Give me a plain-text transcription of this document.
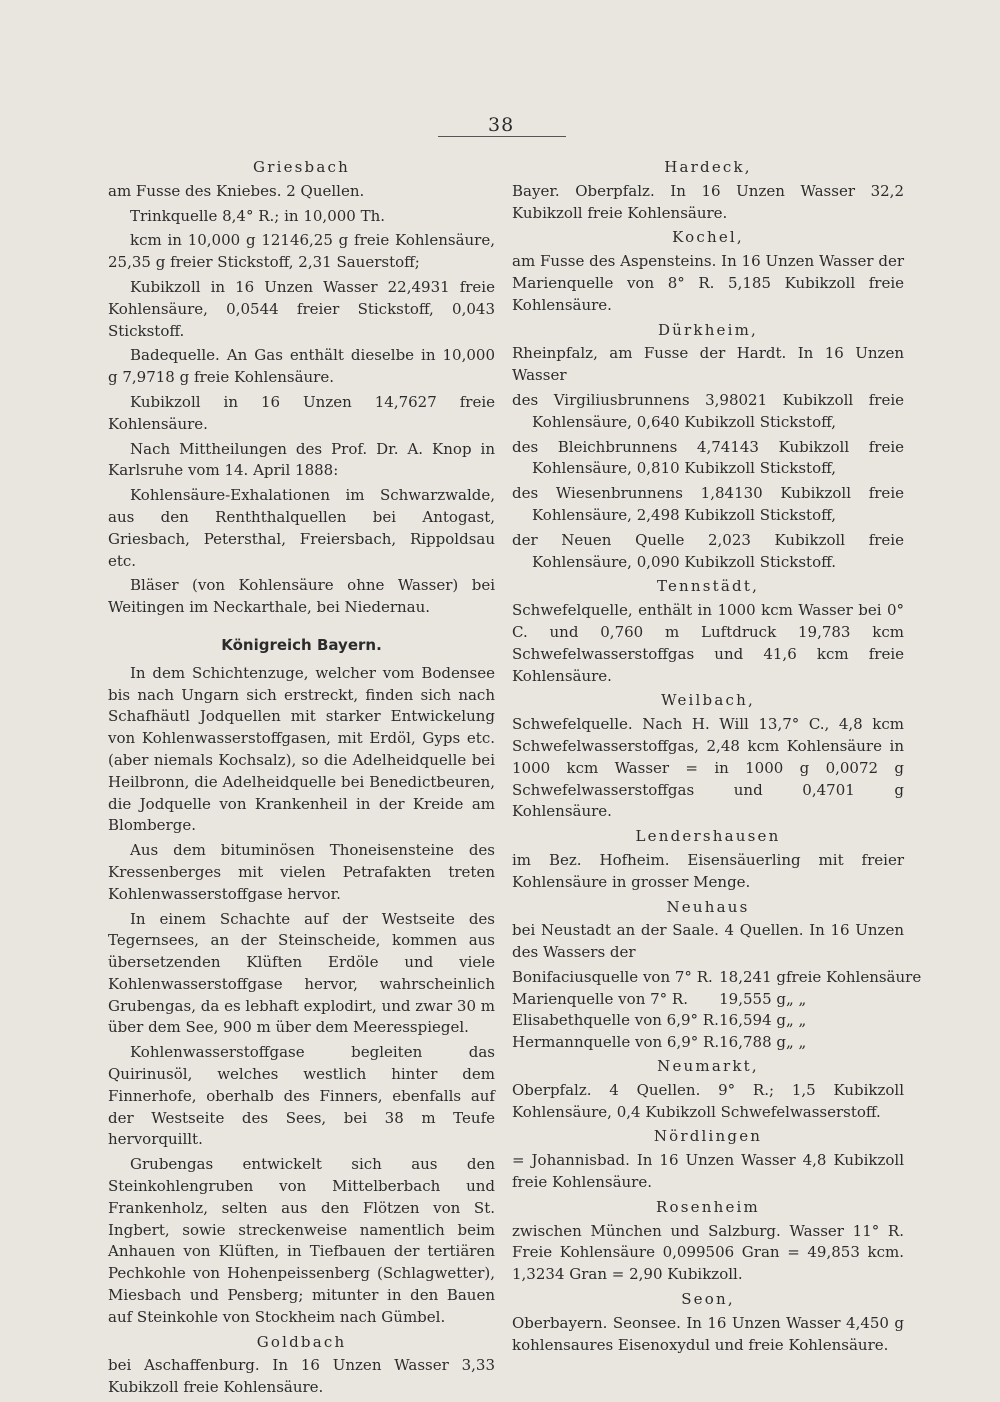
38
Griesbach

am Fusse des Kniebes. 2 Quellen.

Trinkquelle 8,4° R.; in 10,000 Th.

kcm in 10,000 g 12146,25 g freie Kohlensäure, 25,35 g freier Stickstoff, 2,31 Sauerstoff;

Kubikzoll in 16 Unzen Wasser 22,4931 freie Kohlensäure, 0,0544 freier Stickstoff, 0,043 Stickstoff.

Badequelle. An Gas enthält dieselbe in 10,000 g 7,9718 g freie Kohlensäure.

Kubikzoll in 16 Unzen 14,7627 freie Kohlensäure.

Nach Mittheilungen des Prof. Dr. A. Knop in Karlsruhe vom 14. April 1888:

Kohlensäure-Exhalationen im Schwarzwalde, aus den Renththalquellen bei Antogast, Griesbach, Petersthal, Freiersbach, Rippoldsau etc.

Bläser (von Kohlensäure ohne Wasser) bei Weitingen im Neckarthale, bei Niedernau.

Königreich Bayern.

In dem Schichtenzuge, welcher vom Bodensee bis nach Ungarn sich erstreckt, finden sich nach Schafhäutl Jodquellen mit starker Entwickelung von Kohlenwasserstoffgasen, mit Erdöl, Gyps etc. (aber niemals Kochsalz), so die Adelheidquelle bei Heilbronn, die Adelheidquelle bei Benedictbeuren, die Jodquelle von Krankenheil in der Kreide am Blomberge.

Aus dem bituminösen Thoneisensteine des Kressenberges mit vielen Petrafakten treten Kohlenwasserstoffgase hervor.

In einem Schachte auf der Westseite des Tegernsees, an der Steinscheide, kommen aus übersetzenden Klüften Erdöle und viele Kohlenwasserstoffgase hervor, wahrscheinlich Grubengas, da es lebhaft explodirt, und zwar 30 m über dem See, 900 m über dem Meeresspiegel.

Kohlenwasserstoffgase begleiten das Quirinusöl, welches westlich hinter dem Finnerhofe, oberhalb des Finners, ebenfalls auf der Westseite des Sees, bei 38 m Teufe hervorquillt.

Grubengas entwickelt sich aus den Steinkohlengruben von Mittelberbach und Frankenholz, selten aus den Flötzen von St. Ingbert, sowie streckenweise namentlich beim Anhauen von Klüften, in Tiefbauen der tertiären Pechkohle von Hohenpeissenberg (Schlagwetter), Miesbach und Pensberg; mitunter in den Bauen auf Steinkohle von Stockheim nach Gümbel.

Goldbach

bei Aschaffenburg. In 16 Unzen Wasser 3,33 Kubikzoll freie Kohlensäure.

Hardeck,

Bayer. Oberpfalz. In 16 Unzen Wasser 32,2 Kubikzoll freie Kohlensäure.

Kochel,

am Fusse des Aspensteins. In 16 Unzen Wasser der Marienquelle von 8° R. 5,185 Kubikzoll freie Kohlensäure.

Dürkheim,

Rheinpfalz, am Fusse der Hardt. In 16 Unzen Wasser

des Virgiliusbrunnens 3,98021 Kubikzoll freie Kohlensäure, 0,640 Kubikzoll Stickstoff,

des Bleichbrunnens 4,74143 Kubikzoll freie Kohlensäure, 0,810 Kubikzoll Stickstoff,

des Wiesenbrunnens 1,84130 Kubikzoll freie Kohlensäure, 2,498 Kubikzoll Stickstoff,

der Neuen Quelle 2,023 Kubikzoll freie Kohlensäure, 0,090 Kubikzoll Stickstoff.

Tennstädt,

Schwefelquelle, enthält in 1000 kcm Wasser bei 0° C. und 0,760 m Luftdruck 19,783 kcm Schwefelwasserstoffgas und 41,6 kcm freie Kohlensäure.

Weilbach,

Schwefelquelle. Nach H. Will 13,7° C., 4,8 kcm Schwefelwasserstoffgas, 2,48 kcm Kohlensäure in 1000 kcm Wasser = in 1000 g 0,0072 g Schwefelwasserstoffgas und 0,4701 g Kohlensäure.

Lendershausen

im Bez. Hofheim. Eisensäuerling mit freier Kohlensäure in grosser Menge.

Neuhaus

bei Neustadt an der Saale. 4 Quellen. In 16 Unzen des Wassers der

Bonifaciusquelle von 7° R.	18,241 g	freie Kohlensäure
Marienquelle von 7° R.	19,555 g	„ „
Elisabethquelle von 6,9° R.	16,594 g	„ „
Hermannquelle von 6,9° R.	16,788 g	„ „
Neumarkt,

Oberpfalz. 4 Quellen. 9° R.; 1,5 Kubikzoll Kohlensäure, 0,4 Kubikzoll Schwefelwasserstoff.

Nördlingen

= Johannisbad. In 16 Unzen Wasser 4,8 Kubikzoll freie Kohlensäure.

Rosenheim

zwischen München und Salzburg. Wasser 11° R. Freie Kohlensäure 0,099506 Gran = 49,853 kcm. 1,3234 Gran = 2,90 Kubikzoll.

Seon,

Oberbayern. Seonsee. In 16 Unzen Wasser 4,450 g kohlensaures Eisenoxydul und freie Kohlensäure.
